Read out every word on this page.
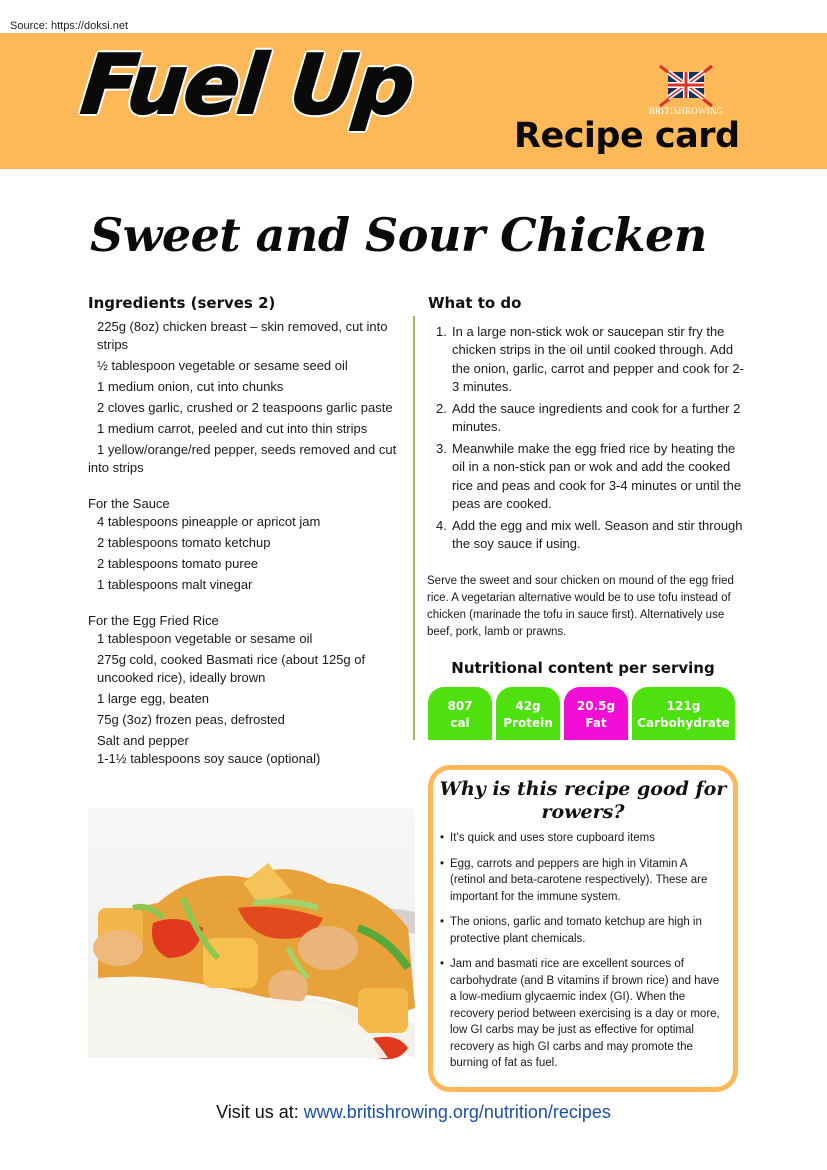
Source: https://doksi.net
Fuel Up	BRITISHROWING
Recipe card
Sweet and Sour Chicken
Ingredients (serves 2)
225g (8oz) chicken breast – skin removed, cut into strips
½ tablespoon vegetable or sesame seed oil
1 medium onion, cut into chunks
2 cloves garlic, crushed or 2 teaspoons garlic paste
1 medium carrot, peeled and cut into thin strips
1 yellow/orange/red pepper, seeds removed and cut into strips
For the Sauce
4 tablespoons pineapple or apricot jam
2 tablespoons tomato ketchup
2 tablespoons tomato puree
1 tablespoons malt vinegar
For the Egg Fried Rice
1 tablespoon vegetable or sesame oil
275g cold, cooked Basmati rice (about 125g of uncooked rice), ideally brown
1 large egg, beaten
75g (3oz) frozen peas, defrosted
Salt and pepper
1-1½ tablespoons soy sauce (optional)
What to do
1. In a large non-stick wok or saucepan stir fry the chicken strips in the oil until cooked through. Add the onion, garlic, carrot and pepper and cook for 2-3 minutes.
2. Add the sauce ingredients and cook for a further 2 minutes.
3. Meanwhile make the egg fried rice by heating the oil in a non-stick pan or wok and add the cooked rice and peas and cook for 3-4 minutes or until the peas are cooked.
4. Add the egg and mix well. Season and stir through the soy sauce if using.
Serve the sweet and sour chicken on mound of the egg fried rice. A vegetarian alternative would be to use tofu instead of chicken (marinade the tofu in sauce first). Alternatively use beef, pork, lamb or prawns.
Nutritional content per serving
807
cal
42g
Protein
20.5g
Fat
121g
Carbohydrate
Why is this recipe good for rowers?
• It’s quick and uses store cupboard items
• Egg, carrots and peppers are high in Vitamin A (retinol and beta-carotene respectively). These are important for the immune system.
• The onions, garlic and tomato ketchup are high in protective plant chemicals.
• Jam and basmati rice are excellent sources of carbohydrate (and B vitamins if brown rice) and have a low-medium glycaemic index (GI). When the recovery period between exercising is a day or more, low GI carbs may be just as effective for optimal recovery as high GI carbs and may promote the burning of fat as fuel.
Visit us at: www.britishrowing.org/nutrition/recipes
